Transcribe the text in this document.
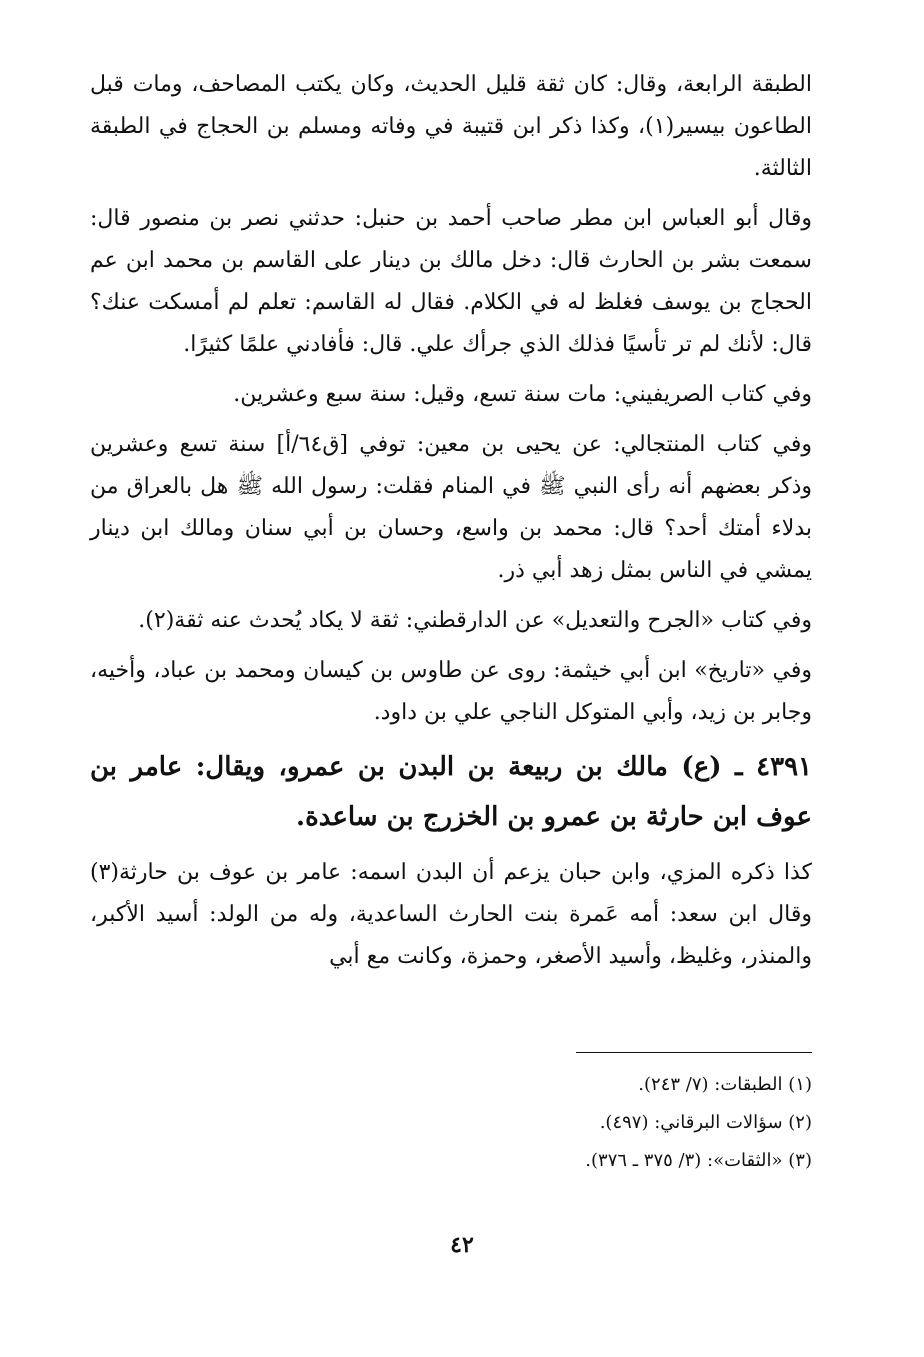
الطبقة الرابعة، وقال: كان ثقة قليل الحديث، وكان يكتب المصاحف، ومات قبل الطاعون بيسير(١)، وكذا ذكر ابن قتيبة في وفاته ومسلم بن الحجاج في الطبقة الثالثة.

وقال أبو العباس ابن مطر صاحب أحمد بن حنبل: حدثني نصر بن منصور قال: سمعت بشر بن الحارث قال: دخل مالك بن دينار على القاسم بن محمد ابن عم الحجاج بن يوسف فغلظ له في الكلام. فقال له القاسم: تعلم لم أمسكت عنك؟ قال: لأنك لم تر تأسيًا فذلك الذي جرأك علي. قال: فأفادني علمًا كثيرًا.

وفي كتاب الصريفيني: مات سنة تسع، وقيل: سنة سبع وعشرين.

وفي كتاب المنتجالي: عن يحيى بن معين: توفي [ق٦٤/أ] سنة تسع وعشرين وذكر بعضهم أنه رأى النبي ﷺ في المنام فقلت: رسول الله ﷺ هل بالعراق من بدلاء أمتك أحد؟ قال: محمد بن واسع، وحسان بن أبي سنان ومالك ابن دينار يمشي في الناس بمثل زهد أبي ذر.

وفي كتاب «الجرح والتعديل» عن الدارقطني: ثقة لا يكاد يُحدث عنه ثقة(٢).

وفي «تاريخ» ابن أبي خيثمة: روى عن طاوس بن كيسان ومحمد بن عباد، وأخيه، وجابر بن زيد، وأبي المتوكل الناجي علي بن داود.

٤٣٩١ ـ (ع) مالك بن ربيعة بن البدن بن عمرو، ويقال: عامر بن عوف ابن حارثة بن عمرو بن الخزرج بن ساعدة.

كذا ذكره المزي، وابن حبان يزعم أن البدن اسمه: عامر بن عوف بن حارثة(٣) وقال ابن سعد: أمه عَمرة بنت الحارث الساعدية، وله من الولد: أسيد الأكبر، والمنذر، وغليظ، وأسيد الأصغر، وحمزة، وكانت مع أبي

(١) الطبقات: (٧/ ٢٤٣).
(٢) سؤالات البرقاني: (٤٩٧).
(٣) «الثقات»: (٣/ ٣٧٥ ـ ٣٧٦).
٤٢
